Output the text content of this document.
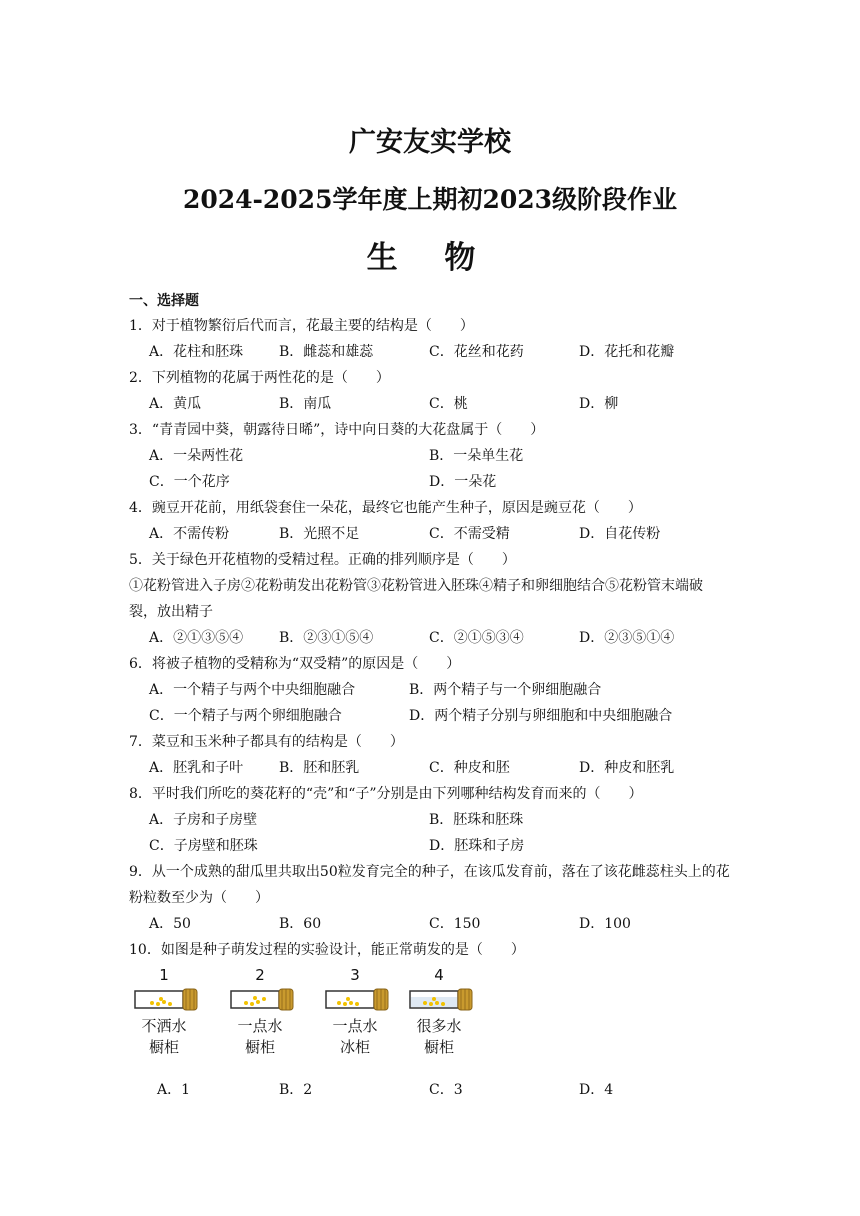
广安友实学校
2024-2025学年度上期初2023级阶段作业
生 物
一、选择题
1．对于植物繁衍后代而言，花最主要的结构是（　　）
A．花柱和胚珠	B．雌蕊和雄蕊	C．花丝和花药	D．花托和花瓣
2．下列植物的花属于两性花的是（　　）
A．黄瓜	B．南瓜	C．桃	D．柳
3．“青青园中葵，朝露待日晞”，诗中向日葵的大花盘属于（　　）
A．一朵两性花	B．一朵单生花
C．一个花序	D．一朵花
4．豌豆开花前，用纸袋套住一朵花，最终它也能产生种子，原因是豌豆花（　　）
A．不需传粉	B．光照不足	C．不需受精	D．自花传粉
5．关于绿色开花植物的受精过程。正确的排列顺序是（　　）
①花粉管进入子房②花粉萌发出花粉管③花粉管进入胚珠④精子和卵细胞结合⑤花粉管末端破裂，放出精子
A．②①③⑤④	B．②③①⑤④	C．②①⑤③④	D．②③⑤①④
6．将被子植物的受精称为“双受精”的原因是（　　）
A．一个精子与两个中央细胞融合	B．两个精子与一个卵细胞融合
C．一个精子与两个卵细胞融合	D．两个精子分别与卵细胞和中央细胞融合
7．菜豆和玉米种子都具有的结构是（　　）
A．胚乳和子叶	B．胚和胚乳	C．种皮和胚	D．种皮和胚乳
8．平时我们所吃的葵花籽的“壳”和“子”分别是由下列哪种结构发育而来的（　　）
A．子房和子房壁	B．胚珠和胚珠
C．子房壁和胚珠	D．胚珠和子房
9．从一个成熟的甜瓜里共取出50粒发育完全的种子，在该瓜发育前，落在了该花雌蕊柱头上的花粉粒数至少为（　　）
A．50	B．60	C．150	D．100
10．如图是种子萌发过程的实验设计，能正常萌发的是（　　）
1
不洒水
橱柜
2
一点水
橱柜
3
一点水
冰柜
4
很多水
橱柜
A．1	B．2	C．3	D．4
